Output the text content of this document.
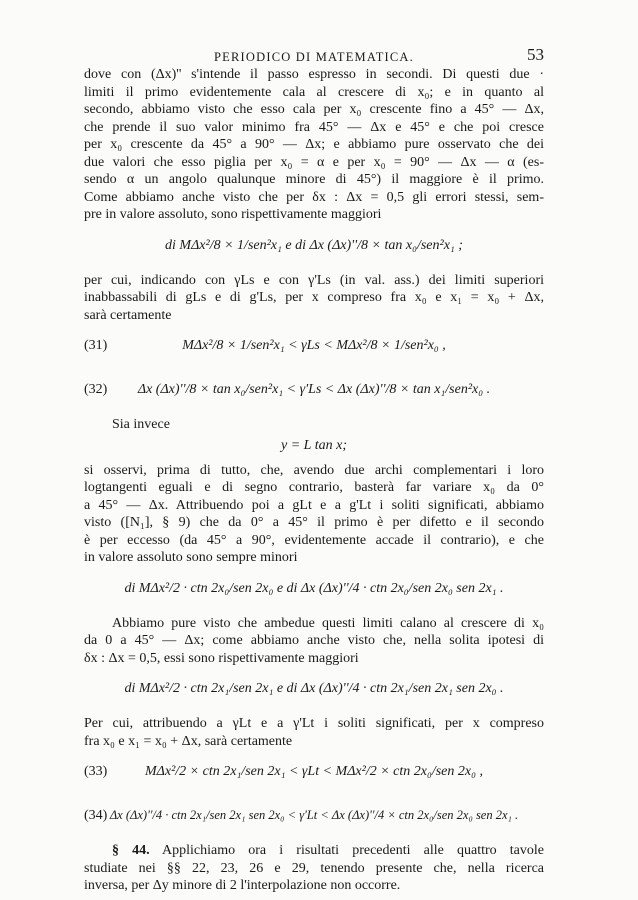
PERIODICO DI MATEMATICA.	53

dove con (Δx)'' s'intende il passo espresso in secondi. Di questi due ·

limiti il primo evidentemente cala al crescere di x₀; e in quanto al

secondo, abbiamo visto che esso cala per x₀ crescente fino a 45° — Δx,

che prende il suo valor minimo fra 45° — Δx e 45° e che poi cresce

per x₀ crescente da 45° a 90° — Δx; e abbiamo pure osservato che dei

due valori che esso piglia per x₀ = α e per x₀ = 90° — Δx — α (es-

sendo α un angolo qualunque minore di 45°) il maggiore è il primo.

Come abbiamo anche visto che per δx : Δx = 0,5 gli errori stessi, sem-

pre in valore assoluto, sono rispettivamente maggiori

di MΔx²/8 × 1/sen²x₁ e di Δx (Δx)''/8 × tan x₀/sen²x₁ ;

per cui, indicando con γLs e con γ'Ls (in val. ass.) dei limiti superiori

inabbassabili di gLs e di g'Ls, per x compreso fra x₀ e x₁ = x₀ + Δx,

sarà certamente

(31)	MΔx²/8 × 1/sen²x₁ < γLs < MΔx²/8 × 1/sen²x₀ ,
(32)	Δx (Δx)''/8 × tan x₀/sen²x₁ < γ'Ls < Δx (Δx)''/8 × tan x₁/sen²x₀ .

Sia invece

y = L tan x;

si osservi, prima di tutto, che, avendo due archi complementari i loro

logtangenti eguali e di segno contrario, basterà far variare x₀ da 0°

a 45° — Δx. Attribuendo poi a gLt e a g'Lt i soliti significati, abbiamo

visto ([N₁], § 9) che da 0° a 45° il primo è per difetto e il secondo

è per eccesso (da 45° a 90°, evidentemente accade il contrario), e che

in valore assoluto sono sempre minori

di MΔx²/2 · ctn 2x₀/sen 2x₀ e di Δx (Δx)''/4 · ctn 2x₀/sen 2x₀ sen 2x₁ .

Abbiamo pure visto che ambedue questi limiti calano al crescere di x₀

da 0 a 45° — Δx; come abbiamo anche visto che, nella solita ipotesi di

δx : Δx = 0,5, essi sono rispettivamente maggiori

di MΔx²/2 · ctn 2x₁/sen 2x₁ e di Δx (Δx)''/4 · ctn 2x₁/sen 2x₁ sen 2x₀ .

Per cui, attribuendo a γLt e a γ'Lt i soliti significati, per x compreso

fra x₀ e x₁ = x₀ + Δx, sarà certamente

(33)	MΔx²/2 × ctn 2x₁/sen 2x₁ < γLt < MΔx²/2 × ctn 2x₀/sen 2x₀ ,
(34) Δx (Δx)''/4 · ctn 2x₁/sen 2x₁ sen 2x₀ < γ'Lt < Δx (Δx)''/4 × ctn 2x₀/sen 2x₀ sen 2x₁ .

§ 44. Applichiamo ora i risultati precedenti alle quattro tavole

studiate nei §§ 22, 23, 26 e 29, tenendo presente che, nella ricerca

inversa, per Δy minore di 2 l'interpolazione non occorre.
